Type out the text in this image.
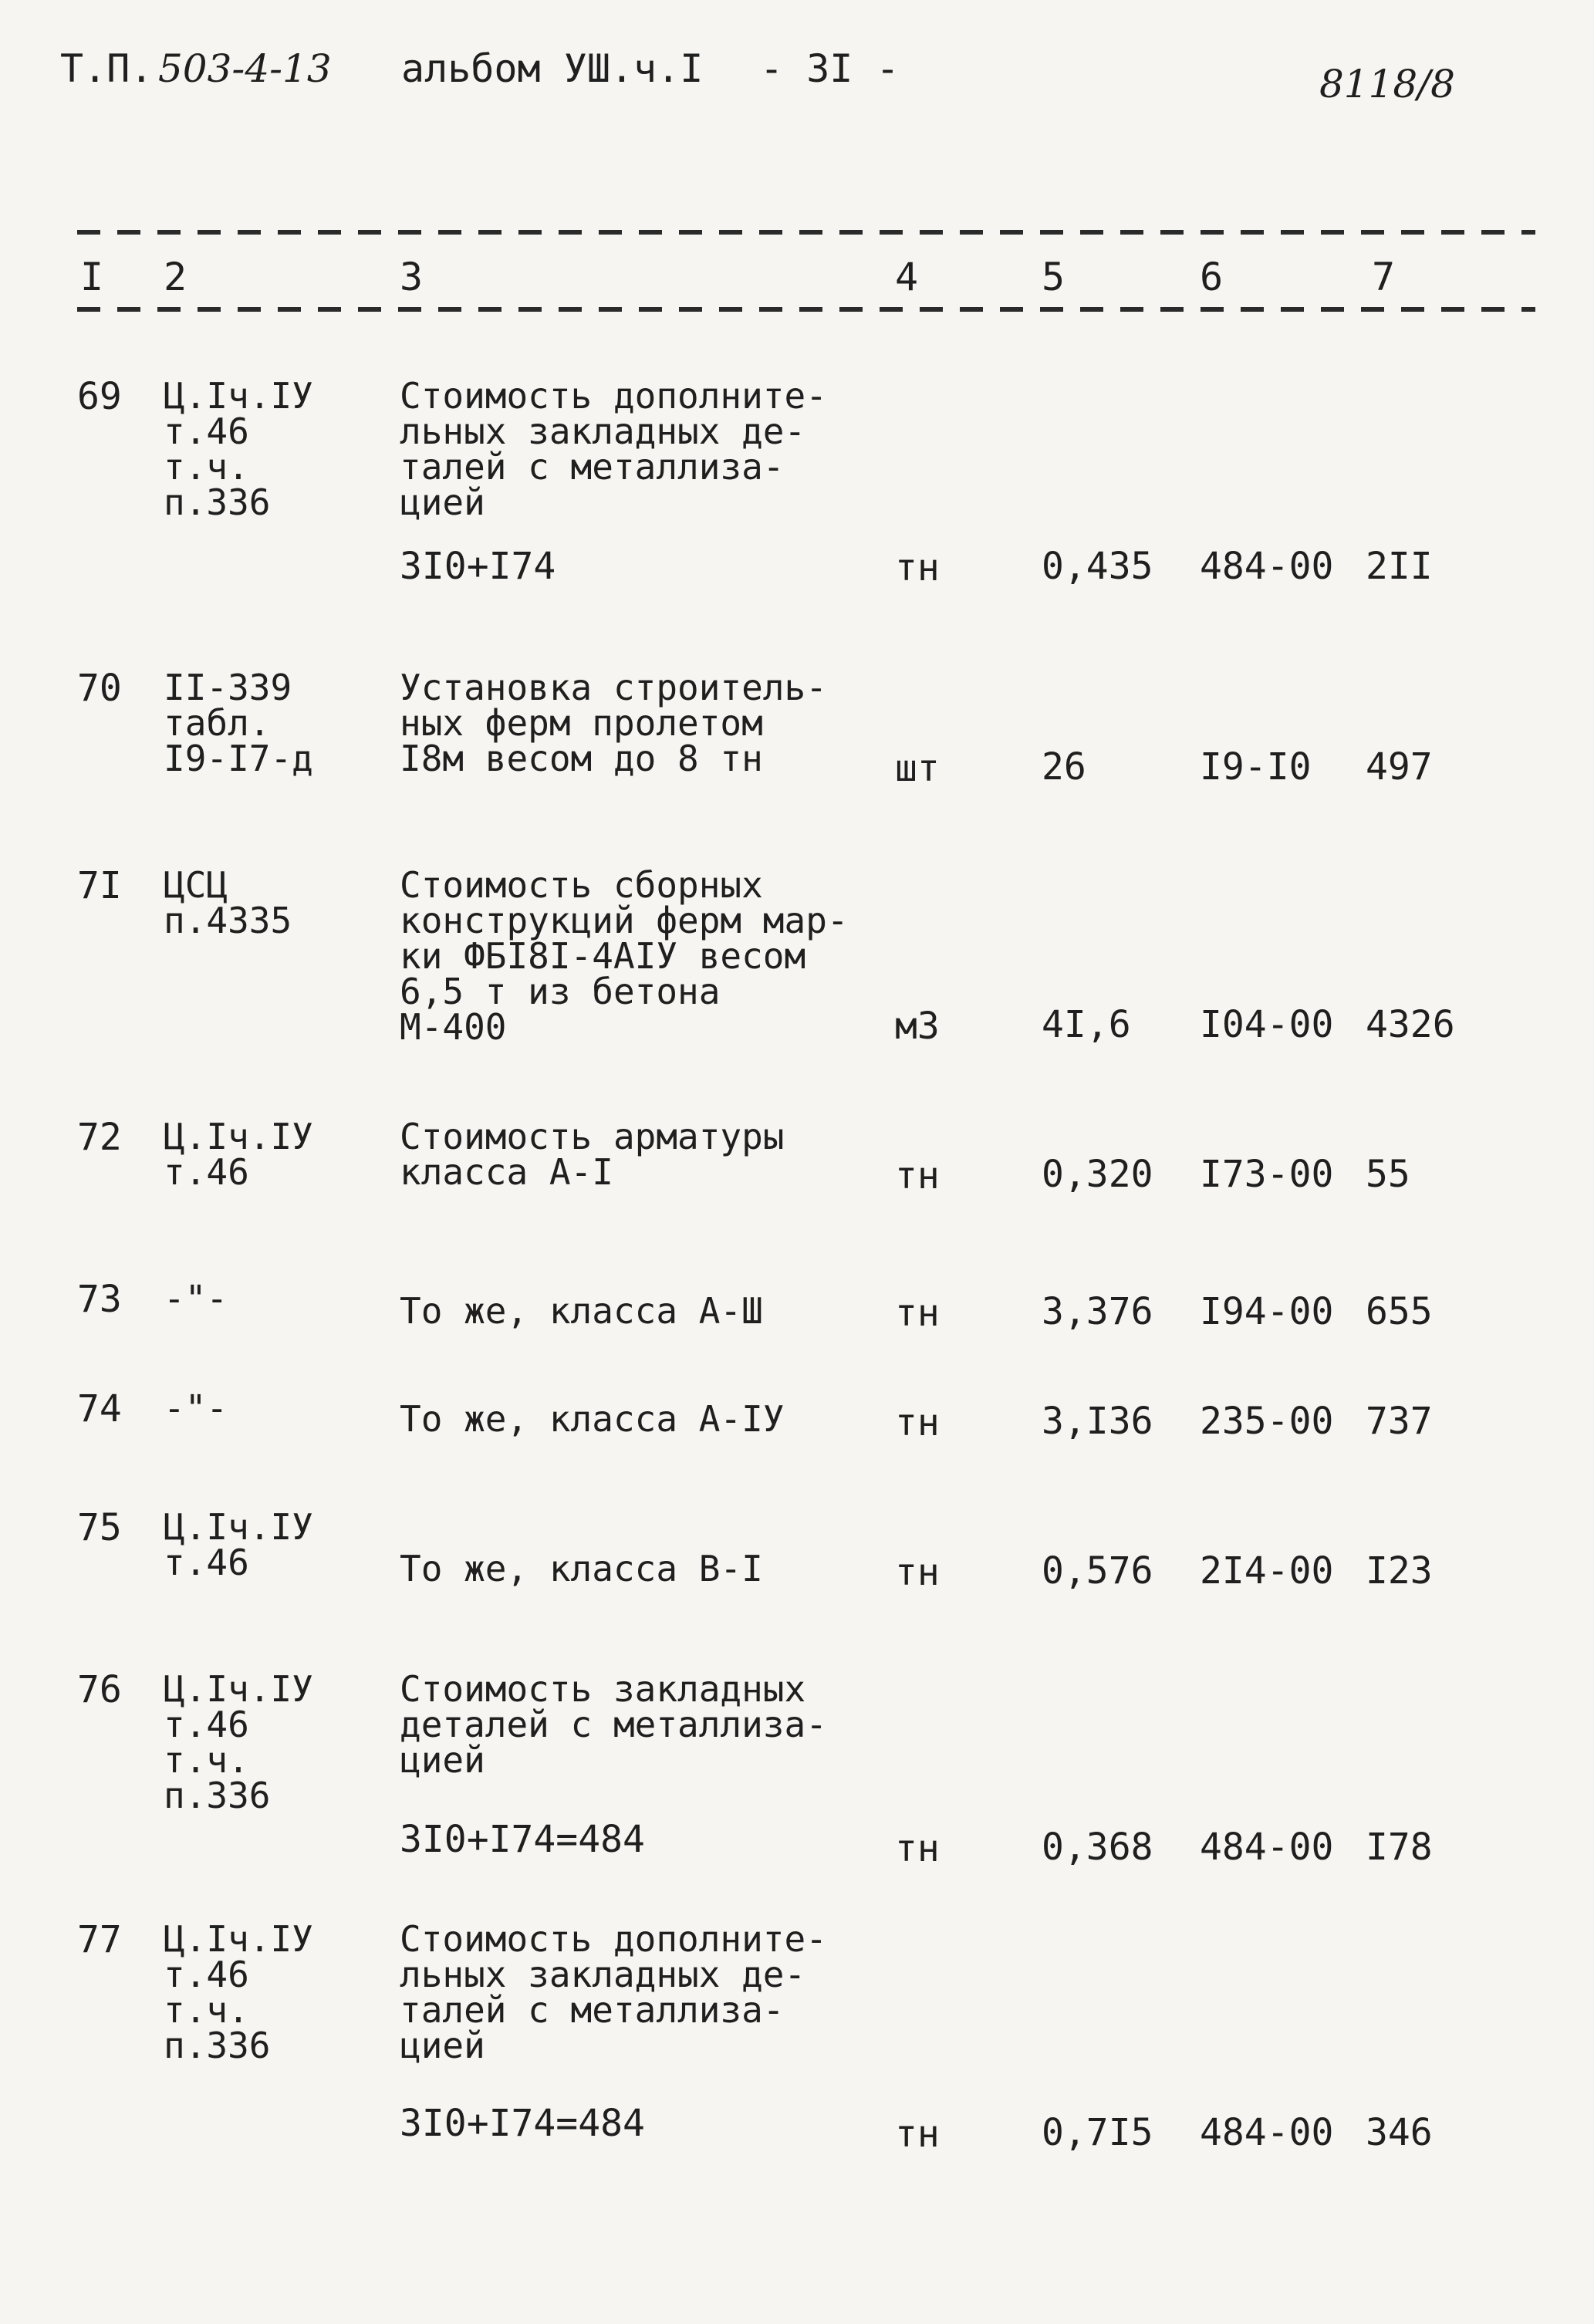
Т.П. 503-4-13 альбом УШ.ч.I - 3I -	8118/8
I 2	3	4	5	6	7
69 Ц.Iч.IУ
т.46
т.ч.
п.336
Стоимость дополните-
льных закладных де-
талей с металлиза-
цией
3I0+I74	тн	0,435 484-00 2II
70 II-339
табл.
I9-I7-д
Установка строитель-
ных ферм пролетом
I8м весом до 8 тн	шт	26	I9-I0 497
7I ЦСЦ
п.4335
Стоимость сборных
конструкций ферм мар-
ки ФБI8I-4АIУ весом
6,5 т из бетона
М-400	м3	4I,6 I04-00 4326
72 Ц.Iч.IУ
т.46
Стоимость арматуры
класса А-I	тн	0,320 I73-00 55
73 -"-	То же, класса А-Ш	тн	3,376 I94-00 655
74 -"-	То же, класса А-IУ	тн	3,I36 235-00 737
75 Ц.Iч.IУ
т.46	То же, класса В-I	тн	0,576 2I4-00 I23
76 Ц.Iч.IУ
т.46
т.ч.
п.336
Стоимость закладных
деталей с металлиза-
цией
3I0+I74=484	тн	0,368 484-00 I78
77 Ц.Iч.IУ
т.46
т.ч.
п.336
Стоимость дополните-
льных закладных де-
талей с металлиза-
цией
3I0+I74=484	тн	0,7I5 484-00 346
